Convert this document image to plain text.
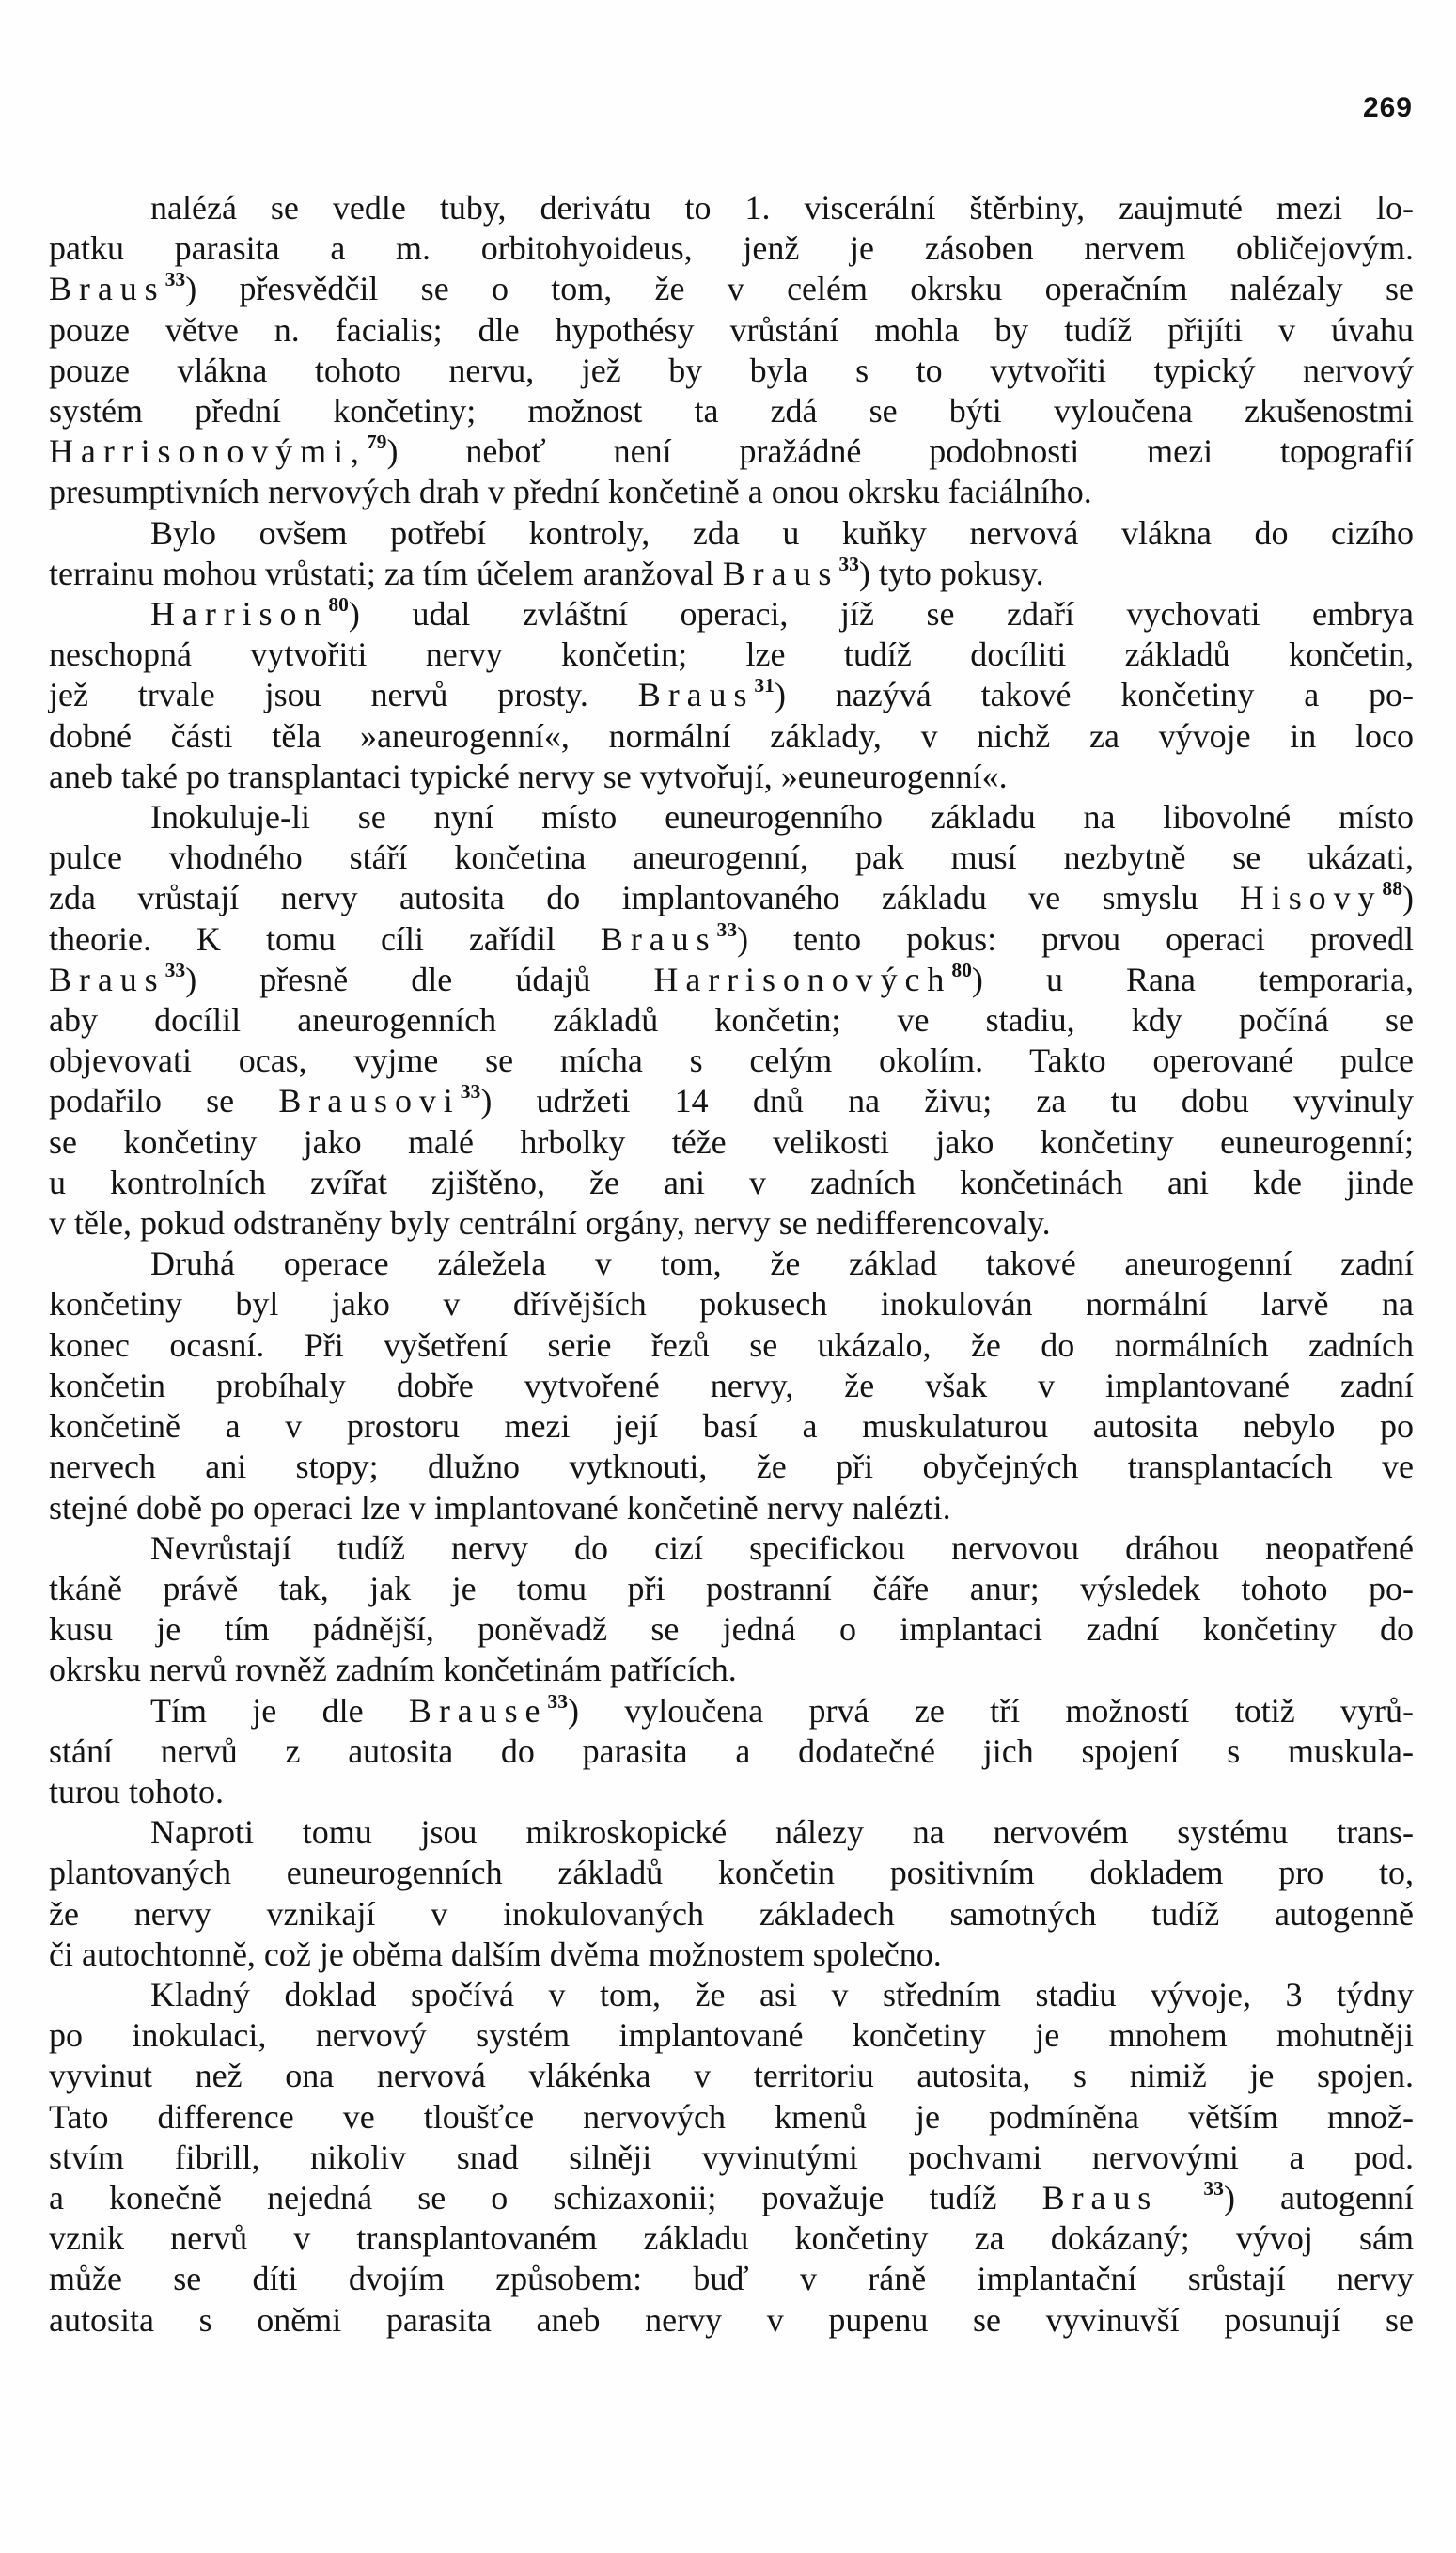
269
nalézá se vedle tuby, derivátu to 1. viscerální štěrbiny, zaujmuté mezi lo-
patku parasita a m. orbitohyoideus, jenž je zásoben nervem obličejovým.
Braus$^{33}$) přesvědčil se o tom, že v celém okrsku operačním nalézaly se
pouze větve n. facialis; dle hypothésy vrůstání mohla by tudíž přijíti v úvahu
pouze vlákna tohoto nervu, jež by byla s to vytvořiti typický nervový
systém přední končetiny; možnost ta zdá se býti vyloučena zkušenostmi
Harrisonovými,$^{79}$) neboť není pražádné podobnosti mezi topografií
presumptivních nervových drah v přední končetině a onou okrsku faciálního.
Bylo ovšem potřebí kontroly, zda u kuňky nervová vlákna do cizího
terrainu mohou vrůstati; za tím účelem aranžoval Braus$^{33}$) tyto pokusy.
Harrison$^{80}$) udal zvláštní operaci, jíž se zdaří vychovati embrya
neschopná vytvořiti nervy končetin; lze tudíž docíliti základů končetin,
jež trvale jsou nervů prosty. Braus$^{31}$) nazývá takové končetiny a po-
dobné části těla »aneurogenní«, normální základy, v nichž za vývoje in loco
aneb také po transplantaci typické nervy se vytvořují, »euneurogenní«.
Inokuluje-li se nyní místo euneurogenního základu na libovolné místo
pulce vhodného stáří končetina aneurogenní, pak musí nezbytně se ukázati,
zda vrůstají nervy autosita do implantovaného základu ve smyslu Hisovy$^{88}$)
theorie. K tomu cíli zařídil Braus$^{33}$) tento pokus: prvou operaci provedl
Braus$^{33}$) přesně dle údajů Harrisonových$^{80}$) u Rana temporaria,
aby docílil aneurogenních základů končetin; ve stadiu, kdy počíná se
objevovati ocas, vyjme se mícha s celým okolím. Takto operované pulce
podařilo se Brausovi$^{33}$) udržeti 14 dnů na živu; za tu dobu vyvinuly
se končetiny jako malé hrbolky téže velikosti jako končetiny euneurogenní;
u kontrolních zvířat zjištěno, že ani v zadních končetinách ani kde jinde
v těle, pokud odstraněny byly centrální orgány, nervy se nedifferencovaly.
Druhá operace záležela v tom, že základ takové aneurogenní zadní
končetiny byl jako v dřívějších pokusech inokulován normální larvě na
konec ocasní. Při vyšetření serie řezů se ukázalo, že do normálních zadních
končetin probíhaly dobře vytvořené nervy, že však v implantované zadní
končetině a v prostoru mezi její basí a muskulaturou autosita nebylo po
nervech ani stopy; dlužno vytknouti, že při obyčejných transplantacích ve
stejné době po operaci lze v implantované končetině nervy nalézti.
Nevrůstají tudíž nervy do cizí specifickou nervovou dráhou neopatřené
tkáně právě tak, jak je tomu při postranní čáře anur; výsledek tohoto po-
kusu je tím pádnější, poněvadž se jedná o implantaci zadní končetiny do
okrsku nervů rovněž zadním končetinám patřících.
Tím je dle Brause$^{33}$) vyloučena prvá ze tří možností totiž vyrů-
stání nervů z autosita do parasita a dodatečné jich spojení s muskula-
turou tohoto.
Naproti tomu jsou mikroskopické nálezy na nervovém systému trans-
plantovaných euneurogenních základů končetin positivním dokladem pro to,
že nervy vznikají v inokulovaných základech samotných tudíž autogenně
či autochtonně, což je oběma dalším dvěma možnostem společno.
Kladný doklad spočívá v tom, že asi v středním stadiu vývoje, 3 týdny
po inokulaci, nervový systém implantované končetiny je mnohem mohutněji
vyvinut než ona nervová vlákénka v territoriu autosita, s nimiž je spojen.
Tato difference ve tloušťce nervových kmenů je podmíněna větším množ-
stvím fibrill, nikoliv snad silněji vyvinutými pochvami nervovými a pod.
a konečně nejedná se o schizaxonii; považuje tudíž Braus $^{33}$) autogenní
vznik nervů v transplantovaném základu končetiny za dokázaný; vývoj sám
může se díti dvojím způsobem: buď v ráně implantační srůstají nervy
autosita s oněmi parasita aneb nervy v pupenu se vyvinuvší posunují se
